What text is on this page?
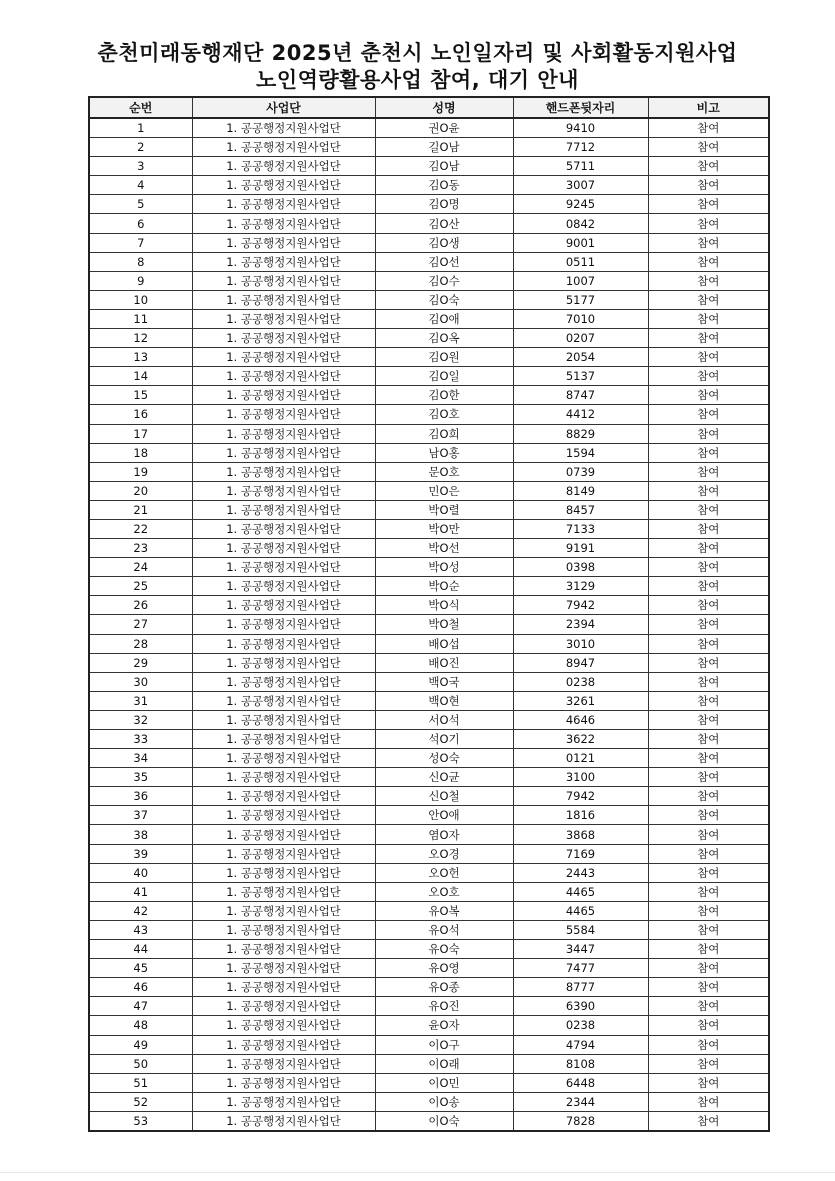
춘천미래동행재단 2025년 춘천시 노인일자리 및 사회활동지원사업
노인역량활용사업 참여, 대기 안내
순번	사업단	성명	핸드폰뒷자리	비고
1	1. 공공행정지원사업단	권O윤	9410	참여
2	1. 공공행정지원사업단	길O남	7712	참여
3	1. 공공행정지원사업단	김O남	5711	참여
4	1. 공공행정지원사업단	김O동	3007	참여
5	1. 공공행정지원사업단	김O명	9245	참여
6	1. 공공행정지원사업단	김O산	0842	참여
7	1. 공공행정지원사업단	김O생	9001	참여
8	1. 공공행정지원사업단	김O선	0511	참여
9	1. 공공행정지원사업단	김O수	1007	참여
10	1. 공공행정지원사업단	김O숙	5177	참여
11	1. 공공행정지원사업단	김O애	7010	참여
12	1. 공공행정지원사업단	김O옥	0207	참여
13	1. 공공행정지원사업단	김O원	2054	참여
14	1. 공공행정지원사업단	김O일	5137	참여
15	1. 공공행정지원사업단	김O한	8747	참여
16	1. 공공행정지원사업단	김O호	4412	참여
17	1. 공공행정지원사업단	김O희	8829	참여
18	1. 공공행정지원사업단	남O홍	1594	참여
19	1. 공공행정지원사업단	문O호	0739	참여
20	1. 공공행정지원사업단	민O은	8149	참여
21	1. 공공행정지원사업단	박O렬	8457	참여
22	1. 공공행정지원사업단	박O만	7133	참여
23	1. 공공행정지원사업단	박O선	9191	참여
24	1. 공공행정지원사업단	박O성	0398	참여
25	1. 공공행정지원사업단	박O순	3129	참여
26	1. 공공행정지원사업단	박O식	7942	참여
27	1. 공공행정지원사업단	박O철	2394	참여
28	1. 공공행정지원사업단	배O섭	3010	참여
29	1. 공공행정지원사업단	배O진	8947	참여
30	1. 공공행정지원사업단	백O국	0238	참여
31	1. 공공행정지원사업단	백O현	3261	참여
32	1. 공공행정지원사업단	서O석	4646	참여
33	1. 공공행정지원사업단	석O기	3622	참여
34	1. 공공행정지원사업단	성O숙	0121	참여
35	1. 공공행정지원사업단	신O균	3100	참여
36	1. 공공행정지원사업단	신O철	7942	참여
37	1. 공공행정지원사업단	안O애	1816	참여
38	1. 공공행정지원사업단	염O자	3868	참여
39	1. 공공행정지원사업단	오O경	7169	참여
40	1. 공공행정지원사업단	오O헌	2443	참여
41	1. 공공행정지원사업단	오O호	4465	참여
42	1. 공공행정지원사업단	유O복	4465	참여
43	1. 공공행정지원사업단	유O석	5584	참여
44	1. 공공행정지원사업단	유O숙	3447	참여
45	1. 공공행정지원사업단	유O영	7477	참여
46	1. 공공행정지원사업단	유O종	8777	참여
47	1. 공공행정지원사업단	유O진	6390	참여
48	1. 공공행정지원사업단	윤O자	0238	참여
49	1. 공공행정지원사업단	이O구	4794	참여
50	1. 공공행정지원사업단	이O래	8108	참여
51	1. 공공행정지원사업단	이O민	6448	참여
52	1. 공공행정지원사업단	이O송	2344	참여
53	1. 공공행정지원사업단	이O숙	7828	참여
